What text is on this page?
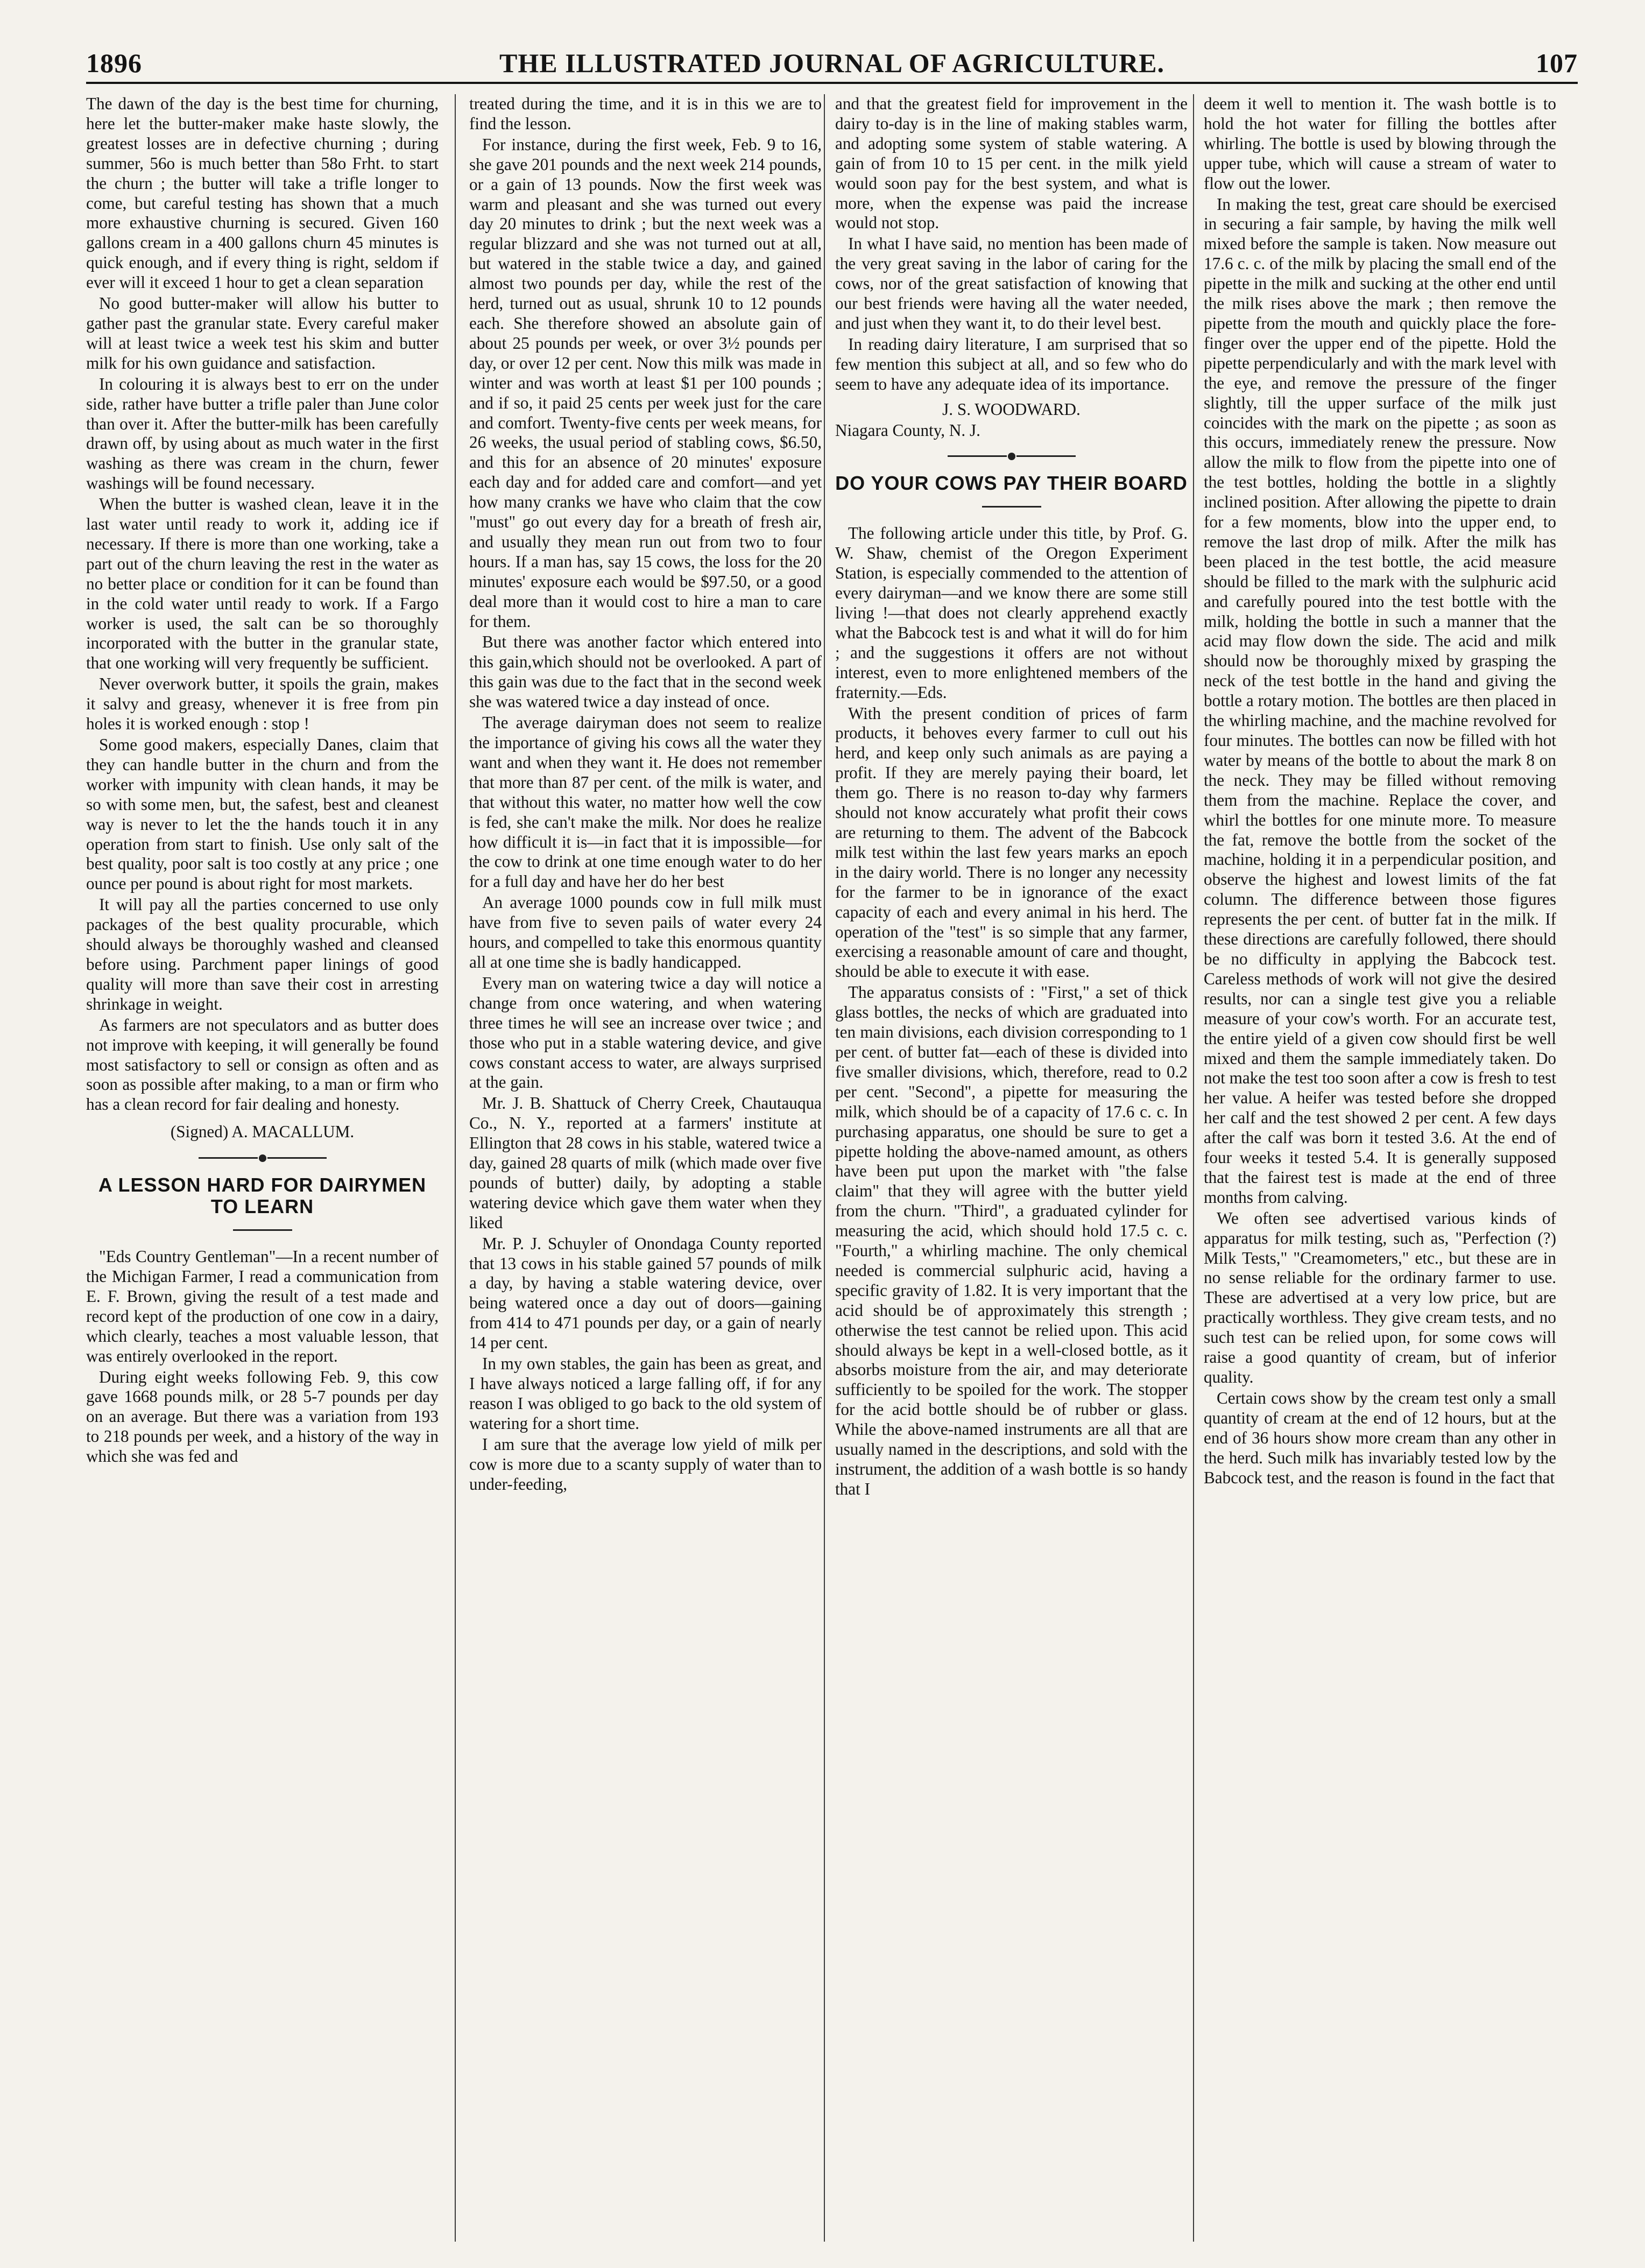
1896	THE ILLUSTRATED JOURNAL OF AGRICULTURE.	107

The dawn of the day is the best time for churning, here let the butter-maker make haste slowly, the greatest losses are in defective churning ; during summer, 56o is much better than 58o Frht. to start the churn ; the butter will take a trifle longer to come, but careful testing has shown that a much more exhaustive churning is secured. Given 160 gallons cream in a 400 gallons churn 45 minutes is quick enough, and if every thing is right, seldom if ever will it exceed 1 hour to get a clean separation

No good butter-maker will allow his butter to gather past the granular state. Every careful maker will at least twice a week test his skim and butter milk for his own guidance and satisfaction.

In colouring it is always best to err on the under side, rather have butter a trifle paler than June color than over it. After the butter-milk has been carefully drawn off, by using about as much water in the first washing as there was cream in the churn, fewer washings will be found necessary.

When the butter is washed clean, leave it in the last water until ready to work it, adding ice if necessary. If there is more than one working, take a part out of the churn leaving the rest in the water as no better place or condition for it can be found than in the cold water until ready to work. If a Fargo worker is used, the salt can be so thoroughly incorporated with the butter in the granular state, that one working will very frequently be sufficient.

Never overwork butter, it spoils the grain, makes it salvy and greasy, whenever it is free from pin holes it is worked enough : stop !

Some good makers, especially Danes, claim that they can handle butter in the churn and from the worker with impunity with clean hands, it may be so with some men, but, the safest, best and cleanest way is never to let the the hands touch it in any operation from start to finish. Use only salt of the best quality, poor salt is too costly at any price ; one ounce per pound is about right for most markets.

It will pay all the parties concerned to use only packages of the best quality procurable, which should always be thoroughly washed and cleansed before using. Parchment paper linings of good quality will more than save their cost in arresting shrinkage in weight.

As farmers are not speculators and as butter does not improve with keeping, it will generally be found most satisfactory to sell or consign as often and as soon as possible after making, to a man or firm who has a clean record for fair dealing and honesty.

(Signed) A. MACALLUM.

A LESSON HARD FOR DAIRYMEN TO LEARN

"Eds Country Gentleman"—In a recent number of the Michigan Farmer, I read a communication from E. F. Brown, giving the result of a test made and record kept of the production of one cow in a dairy, which clearly, teaches a most valuable lesson, that was entirely overlooked in the report.

During eight weeks following Feb. 9, this cow gave 1668 pounds milk, or 28 5-7 pounds per day on an average. But there was a variation from 193 to 218 pounds per week, and a history of the way in which she was fed and

treated during the time, and it is in this we are to find the lesson.

For instance, during the first week, Feb. 9 to 16, she gave 201 pounds and the next week 214 pounds, or a gain of 13 pounds. Now the first week was warm and pleasant and she was turned out every day 20 minutes to drink ; but the next week was a regular blizzard and she was not turned out at all, but watered in the stable twice a day, and gained almost two pounds per day, while the rest of the herd, turned out as usual, shrunk 10 to 12 pounds each. She therefore showed an absolute gain of about 25 pounds per week, or over 3½ pounds per day, or over 12 per cent. Now this milk was made in winter and was worth at least $1 per 100 pounds ; and if so, it paid 25 cents per week just for the care and comfort. Twenty-five cents per week means, for 26 weeks, the usual period of stabling cows, $6.50, and this for an absence of 20 minutes' exposure each day and for added care and comfort—and yet how many cranks we have who claim that the cow "must" go out every day for a breath of fresh air, and usually they mean run out from two to four hours. If a man has, say 15 cows, the loss for the 20 minutes' exposure each would be $97.50, or a good deal more than it would cost to hire a man to care for them.

But there was another factor which entered into this gain,which should not be overlooked. A part of this gain was due to the fact that in the second week she was watered twice a day instead of once.

The average dairyman does not seem to realize the importance of giving his cows all the water they want and when they want it. He does not remember that more than 87 per cent. of the milk is water, and that without this water, no matter how well the cow is fed, she can't make the milk. Nor does he realize how difficult it is—in fact that it is impossible—for the cow to drink at one time enough water to do her for a full day and have her do her best

An average 1000 pounds cow in full milk must have from five to seven pails of water every 24 hours, and compelled to take this enormous quantity all at one time she is badly handicapped.

Every man on watering twice a day will notice a change from once watering, and when watering three times he will see an increase over twice ; and those who put in a stable watering device, and give cows constant access to water, are always surprised at the gain.

Mr. J. B. Shattuck of Cherry Creek, Chautauqua Co., N. Y., reported at a farmers' institute at Ellington that 28 cows in his stable, watered twice a day, gained 28 quarts of milk (which made over five pounds of butter) daily, by adopting a stable watering device which gave them water when they liked

Mr. P. J. Schuyler of Onondaga County reported that 13 cows in his stable gained 57 pounds of milk a day, by having a stable watering device, over being watered once a day out of doors—gaining from 414 to 471 pounds per day, or a gain of nearly 14 per cent.

In my own stables, the gain has been as great, and I have always noticed a large falling off, if for any reason I was obliged to go back to the old system of watering for a short time.

I am sure that the average low yield of milk per cow is more due to a scanty supply of water than to under-feeding,

and that the greatest field for improvement in the dairy to-day is in the line of making stables warm, and adopting some system of stable watering. A gain of from 10 to 15 per cent. in the milk yield would soon pay for the best system, and what is more, when the expense was paid the increase would not stop.

In what I have said, no mention has been made of the very great saving in the labor of caring for the cows, nor of the great satisfaction of knowing that our best friends were having all the water needed, and just when they want it, to do their level best.

In reading dairy literature, I am surprised that so few mention this subject at all, and so few who do seem to have any adequate idea of its importance.

J. S. WOODWARD.

Niagara County, N. J.

DO YOUR COWS PAY THEIR BOARD

The following article under this title, by Prof. G. W. Shaw, chemist of the Oregon Experiment Station, is especially commended to the attention of every dairyman—and we know there are some still living !—that does not clearly apprehend exactly what the Babcock test is and what it will do for him ; and the suggestions it offers are not without interest, even to more enlightened members of the fraternity.—Eds.

With the present condition of prices of farm products, it behoves every farmer to cull out his herd, and keep only such animals as are paying a profit. If they are merely paying their board, let them go. There is no reason to-day why farmers should not know accurately what profit their cows are returning to them. The advent of the Babcock milk test within the last few years marks an epoch in the dairy world. There is no longer any necessity for the farmer to be in ignorance of the exact capacity of each and every animal in his herd. The operation of the "test" is so simple that any farmer, exercising a reasonable amount of care and thought, should be able to execute it with ease.

The apparatus consists of : "First," a set of thick glass bottles, the necks of which are graduated into ten main divisions, each division corresponding to 1 per cent. of butter fat—each of these is divided into five smaller divisions, which, therefore, read to 0.2 per cent. "Second", a pipette for measuring the milk, which should be of a capacity of 17.6 c. c. In purchasing apparatus, one should be sure to get a pipette holding the above-named amount, as others have been put upon the market with "the false claim" that they will agree with the butter yield from the churn. "Third", a graduated cylinder for measuring the acid, which should hold 17.5 c. c. "Fourth," a whirling machine. The only chemical needed is commercial sulphuric acid, having a specific gravity of 1.82. It is very important that the acid should be of approximately this strength ; otherwise the test cannot be relied upon. This acid should always be kept in a well-closed bottle, as it absorbs moisture from the air, and may deteriorate sufficiently to be spoiled for the work. The stopper for the acid bottle should be of rubber or glass. While the above-named instruments are all that are usually named in the descriptions, and sold with the instrument, the addition of a wash bottle is so handy that I

deem it well to mention it. The wash bottle is to hold the hot water for filling the bottles after whirling. The bottle is used by blowing through the upper tube, which will cause a stream of water to flow out the lower.

In making the test, great care should be exercised in securing a fair sample, by having the milk well mixed before the sample is taken. Now measure out 17.6 c. c. of the milk by placing the small end of the pipette in the milk and sucking at the other end until the milk rises above the mark ; then remove the pipette from the mouth and quickly place the fore-finger over the upper end of the pipette. Hold the pipette perpendicularly and with the mark level with the eye, and remove the pressure of the finger slightly, till the upper surface of the milk just coincides with the mark on the pipette ; as soon as this occurs, immediately renew the pressure. Now allow the milk to flow from the pipette into one of the test bottles, holding the bottle in a slightly inclined position. After allowing the pipette to drain for a few moments, blow into the upper end, to remove the last drop of milk. After the milk has been placed in the test bottle, the acid measure should be filled to the mark with the sulphuric acid and carefully poured into the test bottle with the milk, holding the bottle in such a manner that the acid may flow down the side. The acid and milk should now be thoroughly mixed by grasping the neck of the test bottle in the hand and giving the bottle a rotary motion. The bottles are then placed in the whirling machine, and the machine revolved for four minutes. The bottles can now be filled with hot water by means of the bottle to about the mark 8 on the neck. They may be filled without removing them from the machine. Replace the cover, and whirl the bottles for one minute more. To measure the fat, remove the bottle from the socket of the machine, holding it in a perpendicular position, and observe the highest and lowest limits of the fat column. The difference between those figures represents the per cent. of butter fat in the milk. If these directions are carefully followed, there should be no difficulty in applying the Babcock test. Careless methods of work will not give the desired results, nor can a single test give you a reliable measure of your cow's worth. For an accurate test, the entire yield of a given cow should first be well mixed and them the sample immediately taken. Do not make the test too soon after a cow is fresh to test her value. A heifer was tested before she dropped her calf and the test showed 2 per cent. A few days after the calf was born it tested 3.6. At the end of four weeks it tested 5.4. It is generally supposed that the fairest test is made at the end of three months from calving.

We often see advertised various kinds of apparatus for milk testing, such as, "Perfection (?) Milk Tests," "Creamometers," etc., but these are in no sense reliable for the ordinary farmer to use. These are advertised at a very low price, but are practically worthless. They give cream tests, and no such test can be relied upon, for some cows will raise a good quantity of cream, but of inferior quality.

Certain cows show by the cream test only a small quantity of cream at the end of 12 hours, but at the end of 36 hours show more cream than any other in the herd. Such milk has invariably tested low by the Babcock test, and the reason is found in the fact that
